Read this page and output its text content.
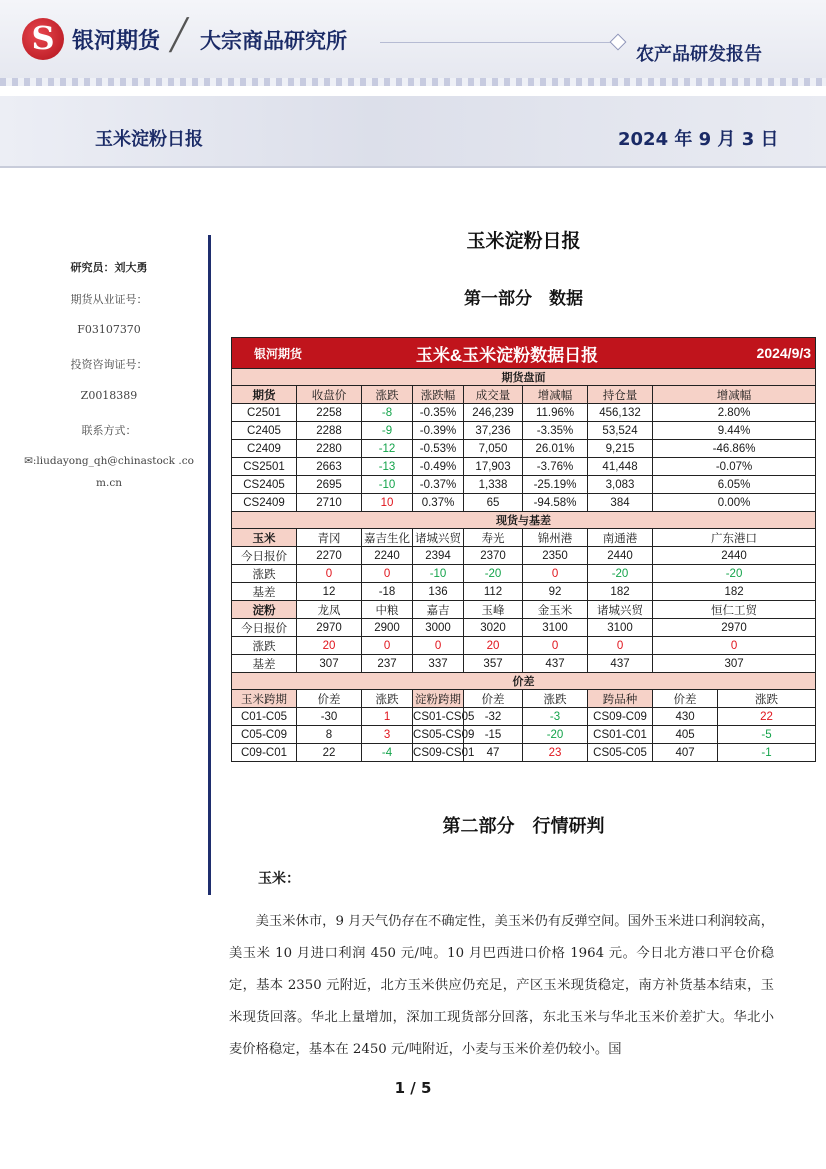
S 银河期货 ╱ 大宗商品研究所
农产品研发报告
玉米淀粉日报	2024 年 9 月 3 日
研究员：刘大勇
期货从业证号：
F03107370
投资咨询证号：
Z0018389
联系方式：
✉:liudayong_qh@chinastock .co
m.cn
玉米淀粉日报
第一部分　数据
银河期货		玉米&玉米淀粉数据日报					2024/9/3	
期货盘面								
期货	收盘价	涨跌	涨跌幅	成交量	增减幅	持仓量	增减幅	
C2501	2258	-8	-0.35%	246,239	11.96%	456,132	2.80%	
C2405	2288	-9	-0.39%	37,236	-3.35%	53,524	9.44%	
C2409	2280	-12	-0.53%	7,050	26.01%	9,215	-46.86%	
CS2501	2663	-13	-0.49%	17,903	-3.76%	41,448	-0.07%	
CS2405	2695	-10	-0.37%	1,338	-25.19%	3,083	6.05%	
CS2409	2710	10	0.37%	65	-94.58%	384	0.00%	
现货与基差								
玉米	青冈	嘉吉生化	诸城兴贸	寿光	锦州港	南通港	广东港口	
今日报价	2270	2240	2394	2370	2350	2440	2440	
涨跌	0	0	-10	-20	0	-20	-20	
基差	12	-18	136	112	92	182	182	
淀粉	龙凤	中粮	嘉吉	玉峰	金玉米	诸城兴贸	恒仁工贸	
今日报价	2970	2900	3000	3020	3100	3100	2970	
涨跌	20	0	0	20	0	0	0	
基差	307	237	337	357	437	437	307	
价差								
玉米跨期	价差	涨跌	淀粉跨期	价差	涨跌	跨品种	价差	涨跌
C01-C05	-30	1	CS01-CS05	-32	-3	CS09-C09	430	22
C05-C09	8	3	CS05-CS09	-15	-20	CS01-C01	405	-5
C09-C01	22	-4	CS09-CS01	47	23	CS05-C05	407	-1
第二部分　行情研判
玉米：
美玉米休市，9 月天气仍存在不确定性，美玉米仍有反弹空间。国外玉米进口利润较高，美玉米 10 月进口利润 450 元/吨。10 月巴西进口价格 1964 元。今日北方港口平仓价稳定，基本 2350 元附近，北方玉米供应仍充足，产区玉米现货稳定，南方补货基本结束，玉米现货回落。华北上量增加，深加工现货部分回落，东北玉米与华北玉米价差扩大。华北小麦价格稳定，基本在 2450 元/吨附近，小麦与玉米价差仍较小。国
1 / 5
